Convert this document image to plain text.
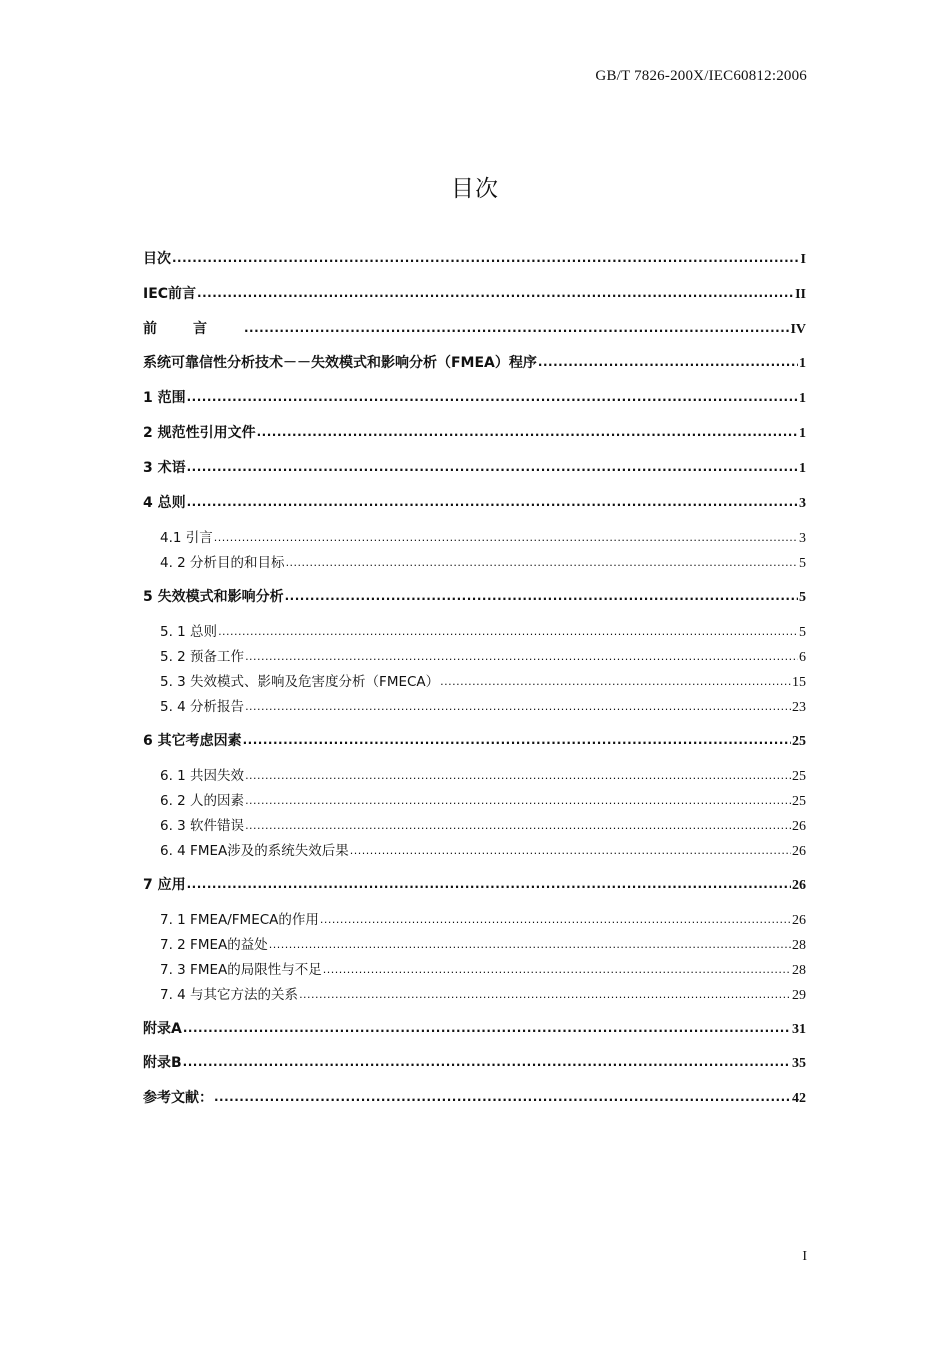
GB/T 7826-200X/IEC60812:2006
目次
目次 .....	I
IEC前言 .....	II
前言 .....	IV
系统可靠信性分析技术－－失效模式和影响分析（FMEA）程序 .....	1
1 范围 .....	1
2 规范性引用文件 .....	1
3 术语 .....	1
4 总则 .....	3
4.1 引言 .....	3
4. 2 分析目的和目标 .....	5
5 失效模式和影响分析 .....	5
5. 1 总则 .....	5
5. 2 预备工作 .....	6
5. 3 失效模式、影响及危害度分析（FMECA） .....	15
5. 4 分析报告 .....	23
6 其它考虑因素 .....	25
6. 1 共因失效 .....	25
6. 2 人的因素 .....	25
6. 3 软件错误 .....	26
6. 4 FMEA涉及的系统失效后果 .....	26
7 应用 .....	26
7. 1 FMEA/FMECA的作用 .....	26
7. 2 FMEA的益处 .....	28
7. 3 FMEA的局限性与不足 .....	28
7. 4 与其它方法的关系 .....	29
附录A .....	31
附录B .....	35
参考文献： .....	42
I
